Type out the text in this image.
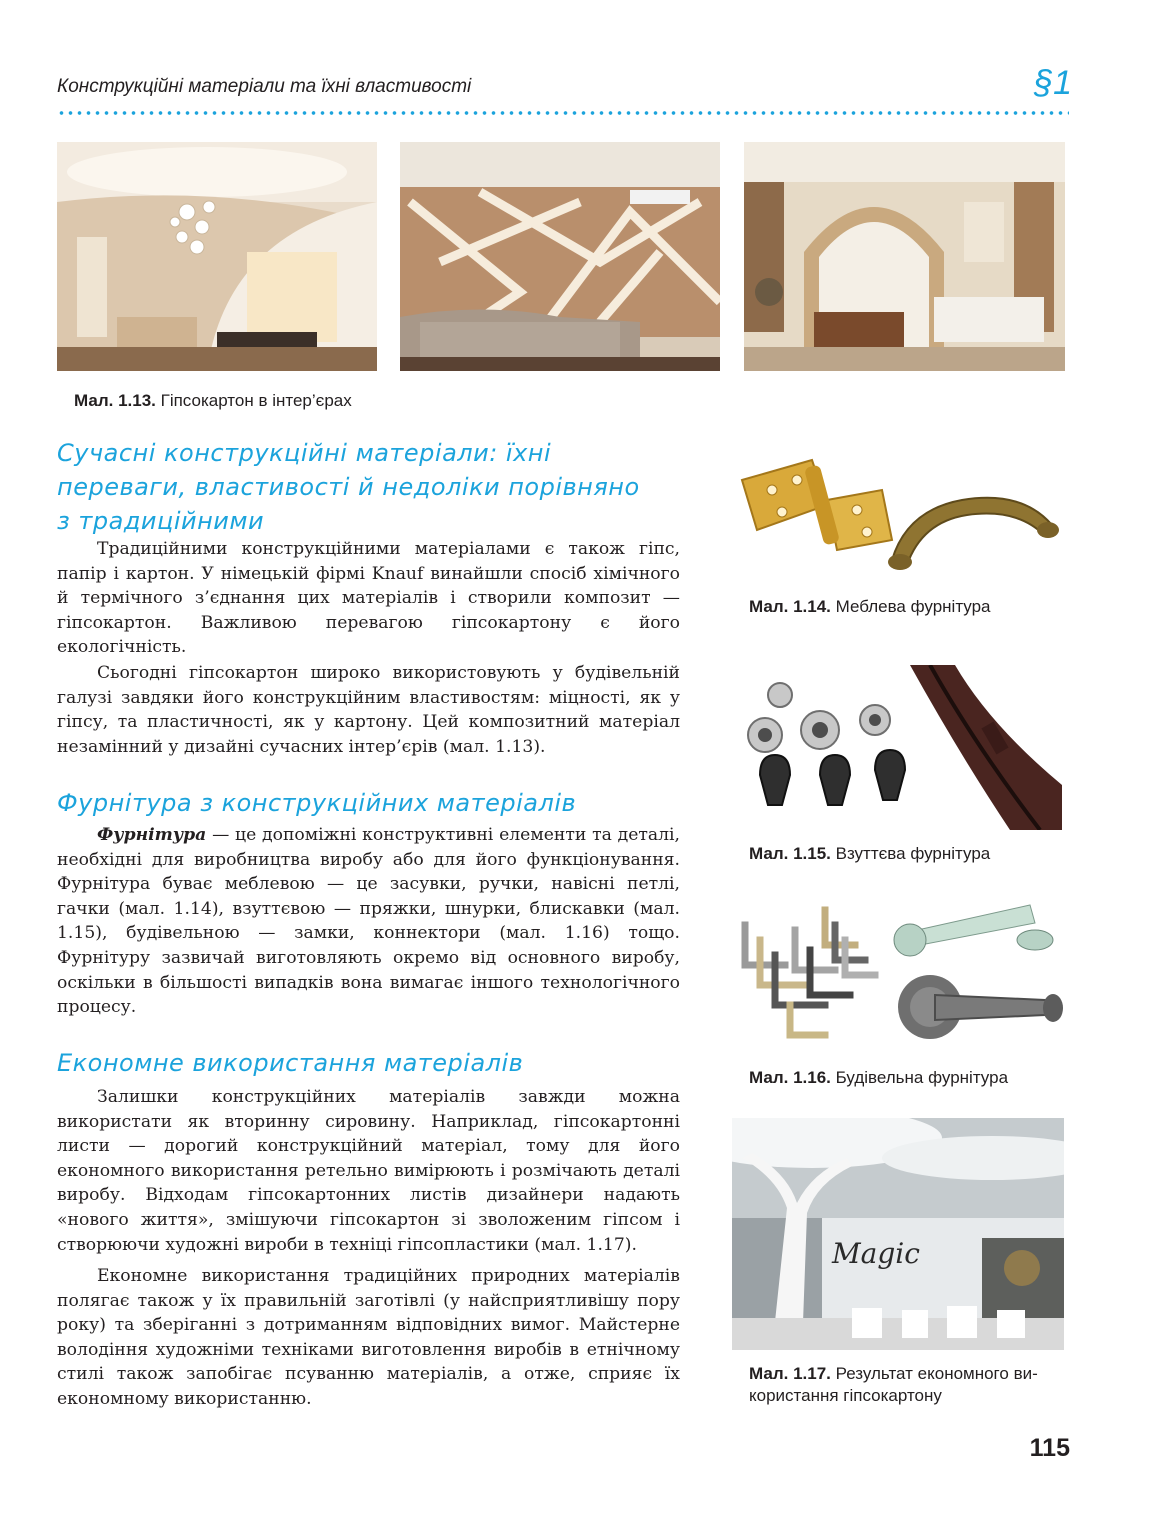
Конструкційні матеріали та їхні властивості	§1
Мал. 1.13. Гіпсокартон в інтер’єрах
Сучасні конструкційні матеріали: їхні
переваги, властивості й недоліки порівняно
з традиційними

Традиційними конструкційними матеріалами є також гіпс, папір і картон. У німецькій фірмі Knauf винайшли спосіб хімічного й термічного з’єднання цих матеріалів і створили композит — гіпсокартон. Важливою перевагою гіпсокартону є його екологічність.

Сьогодні гіпсокартон широко використовують у будівельній галузі завдяки його конструкційним властивостям: міцності, як у гіпсу, та пластичності, як у картону. Цей композитний матеріал незамінний у дизайні сучасних інтер’єрів (мал. 1.13).

Фурнітура з конструкційних матеріалів

Фурнітура — це допоміжні конструктивні елементи та деталі, необхідні для виробництва виробу або для його функціонування. Фурнітура буває меблевою — це засувки, ручки, навісні петлі, гачки (мал. 1.14), взуттєвою — пряжки, шнурки, блискавки (мал. 1.15), будівельною — замки, коннектори (мал. 1.16) тощо. Фурнітуру зазвичай виготовляють окремо від основного виробу, оскільки в більшості випадків вона вимагає іншого технологічного процесу.

Економне використання матеріалів

Залишки конструкційних матеріалів завжди можна використати як вторинну сировину. Наприклад, гіпсокартонні листи — дорогий конструкційний матеріал, тому для його економного використання ретельно вимірюють і розмічають деталі виробу. Відходам гіпсокартонних листів дизайнери надають «нового життя», змішуючи гіпсокартон зі зволоженим гіпсом і створюючи художні вироби в техніці гіпсопластики (мал. 1.17).

Економне використання традиційних природних матеріалів полягає також у їх правильній заготівлі (у найсприятливішу пору року) та зберіганні з дотриманням відповідних вимог. Майстерне володіння художніми техніками виготовлення виробів в етнічному стилі також запобігає псуванню матеріалів, а отже, сприяє їх економному використанню.

Мал. 1.14. Меблева фурнітура
Мал. 1.15. Взуттєва фурнітура
Мал. 1.16. Будівельна фурнітура
Magic
Мал. 1.17. Результат економного ви-
користання гіпсокартону
115
